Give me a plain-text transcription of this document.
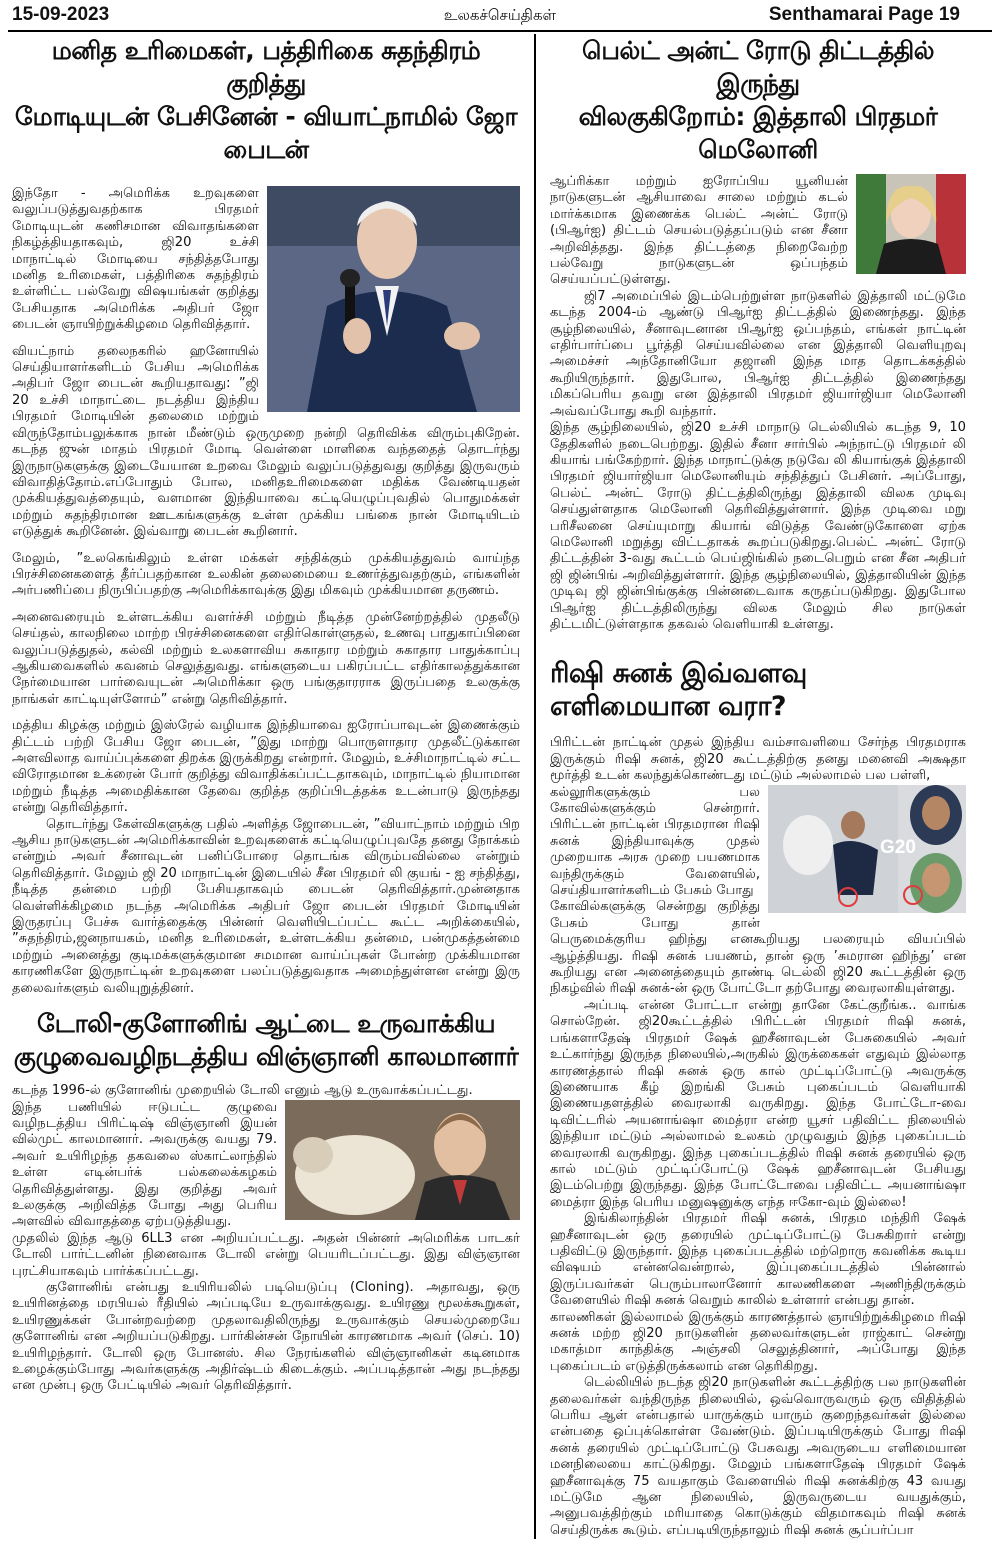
15-09-2023	உலகச்செய்திகள்	Senthamarai Page 19
மனித உரிமைகள், பத்திரிகை சுதந்திரம் குறித்து
மோடியுடன் பேசினேன் - வியாட்நாமில் ஜோ பைடன்

இந்தோ - அமெரிக்க உறவுகளை வலுப்படுத்துவதற்காக பிரதமர் மோடியுடன் கணிசமான விவாதங்களை நிகழ்த்தியதாகவும், ஜி20 உச்சி மாநாட்டில் மோடியை சந்தித்தபோது மனித உரிமைகள், பத்திரிகை சுதந்திரம் உள்ளிட்ட பல்வேறு விஷயங்கள் குறித்து பேசியதாக அமெரிக்க அதிபர் ஜோ பைடன் ஞாயிற்றுக்கிழமை தெரிவித்தார்.

வியட்நாம் தலைநகரில் ஹனோயில் செய்தியாளர்களிடம் பேசிய அமெரிக்க அதிபர் ஜோ பைடன் கூறியதாவது: ”ஜி 20 உச்சி மாநாட்டை நடத்திய இந்திய பிரதமர் மோடியின் தலைமை மற்றும் விருந்தோம்பலுக்காக நான் மீண்டும் ஒருமுறை நன்றி தெரிவிக்க விரும்புகிறேன். கடந்த ஜுன் மாதம் பிரதமர் மோடி வெள்ளை மாளிகை வந்ததைத் தொடர்ந்து இருநாடுகளுக்கு இடையேயான உறவை மேலும் வலுப்படுத்துவது குறித்து இருவரும் விவாதித்தோம்.எப்போதும் போல, மனிதஉரிமைகளை மதிக்க வேண்டியதன் முக்கியத்துவத்தையும், வளமான இந்தியாவை கட்டியெழுப்புவதில் பொதுமக்கள் மற்றும் சுதந்திரமான ஊடகங்களுக்கு உள்ள முக்கிய பங்கை நான் மோடியிடம் எடுத்துக் கூறினேன். இவ்வாறு பைடன் கூறினார்.

மேலும், ”உலகெங்கிலும் உள்ள மக்கள் சந்திக்கும் முக்கியத்துவம் வாய்ந்த பிரச்சினைகளைத் தீர்ப்பதற்கான உலகின் தலைமையை உணர்த்துவதற்கும், எங்களின் அர்பணிப்பை நிருபிப்பதற்கு அமெரிக்காவுக்கு இது மிகவும் முக்கியமான தருணம்.

அனைவரையும் உள்ளடக்கிய வளர்ச்சி மற்றும் நீடித்த முன்னேற்றத்தில் முதலீடு செய்தல், காலநிலை மாற்ற பிரச்சினைகளை எதிர்கொள்ளுதல், உணவு பாதுகாப்பினை வலுப்படுத்துதல், கல்வி மற்றும் உலகளாவிய சுகாதார மற்றும் சுகாதார பாதுக்காப்பு ஆகியவைகளில் கவனம் செலுத்துவது. எங்களுடைய பகிரப்பட்ட எதிர்காலத்துக்கான நேர்மையான பார்வையுடன் அமெரிக்கா ஒரு பங்குதாரராக இருப்பதை உலகுக்கு நாங்கள் காட்டியுள்ளோம்” என்று தெரிவித்தார்.

மத்திய கிழக்கு மற்றும் இஸ்ரேல் வழியாக இந்தியாவை ஐரோப்பாவுடன் இணைக்கும் திட்டம் பற்றி பேசிய ஜோ பைடன், ”இது மாற்று பொருளாதார முதலீட்டுக்கான அளவிலாத வாய்ப்புக்களை திறக்க இருக்கிறது என்றார். மேலும், உச்சிமாநாட்டில் சட்ட விரோதமான உக்ரைன் போர் குறித்து விவாதிக்கப்பட்டதாகவும், மாநாட்டில் நியாமான மற்றும் நீடித்த அமைதிக்கான தேவை குறித்த குறிப்பிடத்தக்க உடன்பாடு இருந்தது என்று தெரிவித்தார்.

தொடர்ந்து கேள்விகளுக்கு பதில் அளித்த ஜோபைடன், ”வியாட்நாம் மற்றும் பிற ஆசிய நாடுகளுடன் அமெரிக்காவின் உறவுகளைக் கட்டியெழுப்புவதே தனது நோக்கம் என்றும் அவர் சீனாவுடன் பனிப்போரை தொடங்க விரும்பவில்லை என்றும் தெரிவித்தார். மேலும் ஜி 20 மாநாட்டின் இடையில் சீன பிரதமர் லி குயங் - ஐ சந்தித்து, நீடித்த தன்மை பற்றி பேசியதாகவும் பைடன் தெரிவித்தார்.முன்னதாக வெள்ளிக்கிழமை நடந்த அமெரிக்க அதிபர் ஜோ பைடன் பிரதமர் மோடியின் இருதரப்பு பேச்சு வார்த்தைக்கு பின்னர் வெளியிடப்பட்ட கூட்ட அறிக்கையில், ”சுதந்திரம்,ஜனநாயகம், மனித உரிமைகள், உள்ளடக்கிய தன்மை, பன்முகத்தன்மை மற்றும் அனைத்து குடிமக்களுக்குமான சமமான வாய்ப்புகள் போன்ற முக்கியமான காரணிகளே இருநாட்டின் உறவுகளை பலப்படுத்துவதாக அமைந்துள்ளன என்று இரு தலைவர்களும் வலியுறுத்தினர்.

டோலி-குளோனிங் ஆட்டை உருவாக்கிய
குழுவைவழிநடத்திய விஞ்ஞானி காலமானார்

கடந்த 1996-ல் குளோனிங் முறையில் டோலி எனும் ஆடு உருவாக்கப்பட்டது.

இந்த பணியில் ஈடுபட்ட குழுவை வழிநடத்திய பிரிட்டிஷ் விஞ்ஞானி இயன் வில்முட் காலமானார். அவருக்கு வயது 79. அவர் உயிரிழந்த தகவலை ஸ்காட்லாந்தில் உள்ள எடின்பர்க் பல்கலைக்கழகம் தெரிவித்துள்ளது. இது குறித்து அவர் உலகுக்கு அறிவித்த போது அது பெரிய அளவில் விவாதத்தை ஏற்படுத்தியது.

முதலில் இந்த ஆடு 6LL3 என அறியப்பட்டது. அதன் பின்னர் அமெரிக்க பாடகர் டோலி பார்ட்டனின் நினைவாக டோலி என்று பெயரிடப்பட்டது. இது விஞ்ஞான புரட்சியாகவும் பார்க்கப்பட்டது.

குளோனிங் என்பது உயிரியலில் படியெடுப்பு (Cloning). அதாவது, ஒரு உயிரினத்தை மரபியல் ரீதியில் அப்படியே உருவாக்குவது. உயிரணு மூலக்கூறுகள், உயிரணுக்கள் போன்றவற்றை முதலாவதிலிருந்து உருவாக்கும் செயல்முறையே குளோனிங் என அறியப்படுகிறது. பார்கின்சன் நோயின் காரணமாக அவர் (செப். 10) உயிரிழந்தார். டோலி ஒரு போனஸ். சில நேரங்களில் விஞ்ஞானிகள் கடினமாக உழைக்கும்போது அவர்களுக்கு அதிர்ஷ்டம் கிடைக்கும். அப்படித்தான் அது நடந்தது என முன்பு ஒரு பேட்டியில் அவர் தெரிவித்தார்.

பெல்ட் அன்ட் ரோடு திட்டத்தில் இருந்து
விலகுகிறோம்: இத்தாலி பிரதமர் மெலோனி

ஆப்ரிக்கா மற்றும் ஐரோப்பிய யூனியன் நாடுகளுடன் ஆசியாவை சாலை மற்றும் கடல் மார்க்கமாக இணைக்க பெல்ட் அன்ட் ரோடு (பிஆர்ஐ) திட்டம் செயல்படுத்தப்படும் என சீனா அறிவித்தது. இந்த திட்டத்தை நிறைவேற்ற பல்வேறு நாடுகளுடன் ஒப்பந்தம் செய்யப்பட்டுள்ளது.

ஜி7 அமைப்பில் இடம்பெற்றுள்ள நாடுகளில் இத்தாலி மட்டுமே கடந்த 2004-ம் ஆண்டு பிஆர்ஐ திட்டத்தில் இணைந்தது. இந்த சூழ்நிலையில், சீனாவுடனான பிஆர்ஐ ஒப்பந்தம், எங்கள் நாட்டின் எதிர்பார்ப்பை பூர்த்தி செய்யவில்லை என இத்தாலி வெளியுறவு அமைச்சர் அந்தோனியோ தஜானி இந்த மாத தொடக்கத்தில் கூறியிருந்தார். இதுபோல, பிஆர்ஐ திட்டத்தில் இணைந்தது மிகப்பெரிய தவறு என இத்தாலி பிரதமர் ஜியார்ஜியா மெலோனி அவ்வப்போது கூறி வந்தார்.

இந்த சூழ்நிலையில், ஜி20 உச்சி மாநாடு டெல்லியில் கடந்த 9, 10 தேதிகளில் நடைபெற்றது. இதில் சீனா சார்பில் அந்நாட்டு பிரதமர் லி கியாங் பங்கேற்றார். இந்த மாநாட்டுக்கு நடுவே லி கியாங்குக் இத்தாலி பிரதமர் ஜியார்ஜியா மெலோனியும் சந்தித்துப் பேசினர். அப்போது, பெல்ட் அன்ட் ரோடு திட்டத்திலிருந்து இத்தாலி விலக முடிவு செய்துள்ளதாக மெலோனி தெரிவித்துள்ளார். இந்த முடிவை மறு பரிசீலனை செய்யுமாறு கியாங் விடுத்த வேண்டுகோளை ஏற்க மெலோனி மறுத்து விட்டதாகக் கூறப்படுகிறது.பெல்ட் அன்ட் ரோடு திட்டத்தின் 3-வது கூட்டம் பெய்ஜிங்கில் நடைபெறும் என சீன அதிபர் ஜி ஜின்பிங் அறிவித்துள்ளார். இந்த சூழ்நிலையில், இத்தாலியின் இந்த முடிவு ஜி ஜின்பிங்குக்கு பின்னடைவாக கருதப்படுகிறது. இதுபோல பிஆர்ஐ திட்டத்திலிருந்து விலக மேலும் சில நாடுகள் திட்டமிட்டுள்ளதாக தகவல் வெளியாகி உள்ளது.

ரிஷி சுனக் இவ்வளவு எளிமையான வரா?

பிரிட்டன் நாட்டின் முதல் இந்திய வம்சாவளியை சேர்ந்த பிரதமராக இருக்கும் ரிஷி சுனக், ஜி20 கூட்டத்திற்கு தனது மனைவி அக்ஷதா மூர்த்தி உடன் கலந்துக்கொண்டது மட்டும் அல்லாமல் பல பள்ளி,

G20

கல்லூரிகளுக்கும் பல கோவில்களுக்கும் சென்றார். பிரிட்டன் நாட்டின் பிரதமரான ரிஷி சுனக் இந்தியாவுக்கு முதல் முறையாக அரசு முறை பயணமாக வந்திருக்கும் வேளையில், செய்தியாளர்களிடம் பேசும் போது

கோவில்களுக்கு சென்றது குறித்து பேசும் போது தான் பெருமைக்குரிய ஹிந்து எனகூறியது பலரையும் வியப்பில் ஆழ்த்தியது. ரிஷி சுனக் பயணம், தான் ஒரு ’சுமரான ஹிந்து’ என கூறியது என அனைத்தையும் தாண்டி டெல்லி ஜி20 கூட்டத்தின் ஒரு நிகழ்வில் ரிஷி சுனக்-ன் ஒரு போட்டோ தற்போது வைரலாகியுள்ளது.

அப்படி என்ன போட்டா என்று தானே கேட்குறீங்க.. வாங்க சொல்றேன். ஜி20கூட்டத்தில் பிரிட்டன் பிரதமர் ரிஷி சுனக், பங்களாதேஷ் பிரதமர் ஷேக் ஹசீனாவுடன் பேசுகையில் அவர் உட்கார்ந்து இருந்த நிலையில்,அருகில் இருக்கைகள் எதுவும் இல்லாத காரணத்தால் ரிஷி சுனக் ஒரு கால் முட்டிப்போட்டு அவருக்கு இணையாக கீழ் இறங்கி பேசும் புகைப்படம் வெளியாகி இணையதளத்தில் வைரலாகி வருகிறது. இந்த போட்டோ-வை டிவிட்டரில் அயனாங்ஷா மைத்ரா என்ற யூசர் பதிவிட்ட நிலையில் இந்தியா மட்டும் அல்லாமல் உலகம் முழுவதும் இந்த புகைப்படம் வைரலாகி வருகிறது. இந்த புகைப்படத்தில் ரிஷி சுனக் தரையில் ஒரு கால் மட்டும் முட்டிப்போட்டு ஷேக் ஹசீனாவுடன் பேசியது இடம்பெற்று இருந்தது. இந்த போட்டோவை பதிவிட்ட அயனாங்ஷா மைத்ரா இந்த பெரிய மனுஷனுக்கு எந்த ஈகோ-வும் இல்லை!

இங்கிலாந்தின் பிரதமர் ரிஷி சுனக், பிரதம மந்திரி ஷேக் ஹசீனாவுடன் ஒரு தரையில் முட்டிப்போட்டு பேசுகிறார் என்று பதிவிட்டு இருந்தார். இந்த புகைப்படத்தில் மற்றொரு கவனிக்க கூடிய விஷயம் என்னவென்றால், இப்புகைப்படத்தில் பின்னால் இருப்பவர்கள் பெரும்பாலானோர் காலணிகளை அணிந்திருக்கும் வேளையில் ரிஷி சுனக் வெறும் காலில் உள்ளார் என்பது தான்.

காலணிகள் இல்லாமல் இருக்கும் காரணத்தால் ஞாயிற்றுக்கிழமை ரிஷி சுனக் மற்ற ஜி20 நாடுகளின் தலைவர்களுடன் ராஜ்காட் சென்று மகாத்மா காந்திக்கு அஞ்சலி செலுத்தினார், அப்போது இந்த புகைப்படம் எடுத்திருக்கலாம் என தெரிகிறது.

டெல்லியில் நடந்த ஜி20 நாடுகளின் கூட்டத்திற்கு பல நாடுகளின் தலைவர்கள் வந்திருந்த நிலையில், ஒவ்வொருவரும் ஒரு விதித்தில் பெரிய ஆள் என்பதால் யாருக்கும் யாரும் குறைந்தவர்கள் இல்லை என்பதை ஒப்புக்கொள்ள வேண்டும். இப்படியிருக்கும் போது ரிஷி சுனக் தரையில் முட்டிப்போட்டு பேசுவது அவருடைய எளிமையான மனநிலையை காட்டுகிறது. மேலும் பங்களாதேஷ் பிரதமர் ஷேக் ஹசீனாவுக்கு 75 வயதாகும் வேளையில் ரிஷி சுனக்கிற்கு 43 வயது மட்டுமே ஆன நிலையில், இருவருடைய வயதுக்கும், அனுபவத்திற்கும் மரியாதை கொடுக்கும் விதமாகவும் ரிஷி சுனக் செய்திருக்க கூடும். எப்படியிருந்தாலும் ரிஷி சுனக் சூப்பர்ப்பா
